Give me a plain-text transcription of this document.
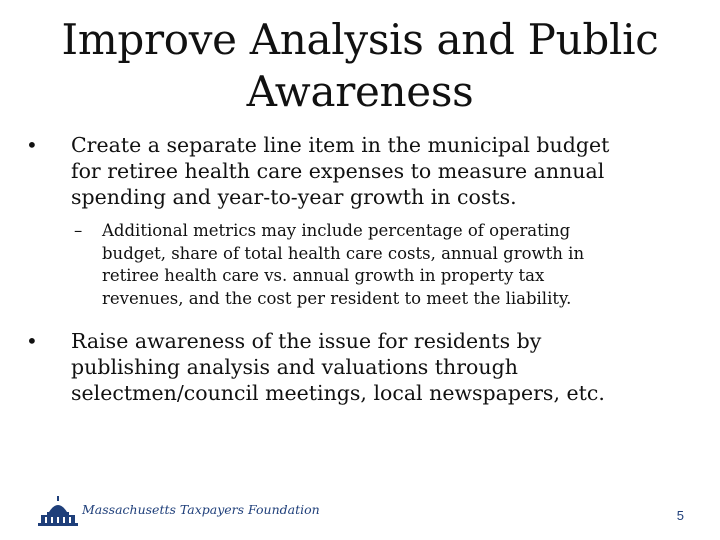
Improve Analysis and Public
Awareness
• Create a separate line item in the municipal budget
for retiree health care expenses to measure annual
spending and year-to-year growth in costs.
– Additional metrics may include percentage of operating
budget, share of total health care costs, annual growth in
retiree health care vs. annual growth in property tax
revenues, and the cost per resident to meet the liability.
• Raise awareness of the issue for residents by
publishing analysis and valuations through
selectmen/council meetings, local newspapers, etc.
Massachusetts Taxpayers Foundation	5
